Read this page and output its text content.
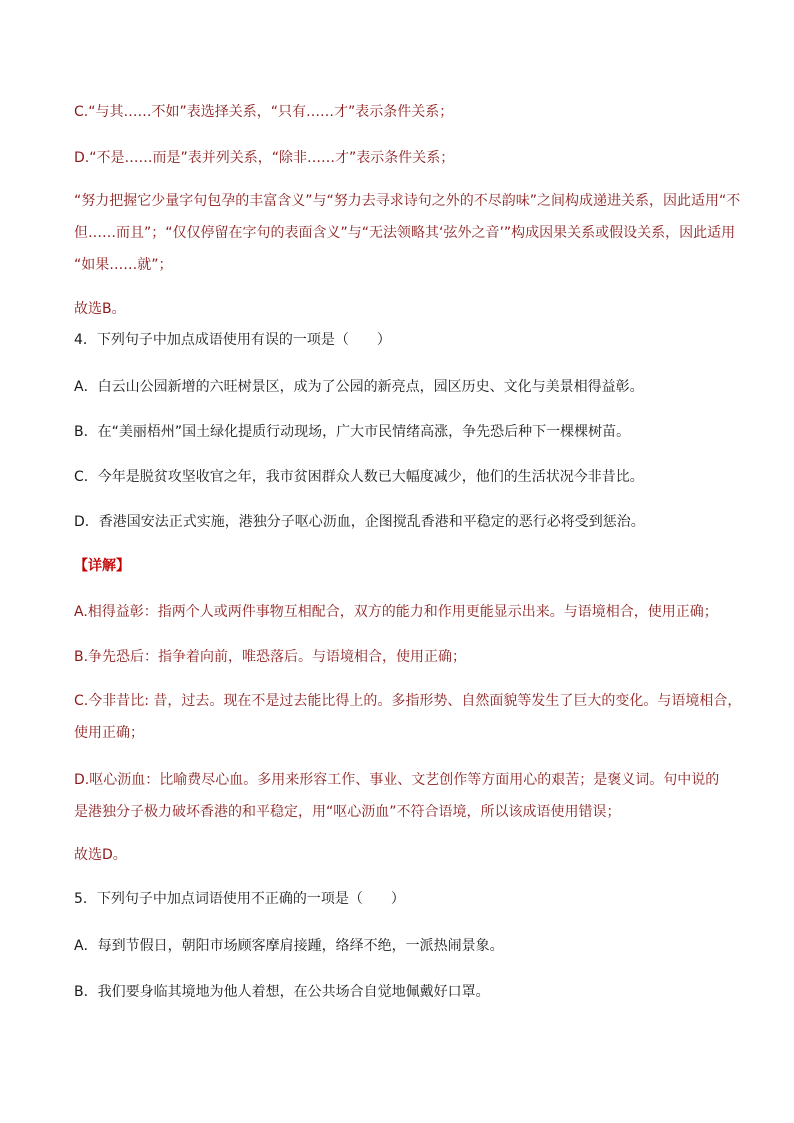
C.“与其……不如”表选择关系，“只有……才”表示条件关系；

D.“不是……而是”表并列关系，“除非……才”表示条件关系；

“努力把握它少量字句包孕的丰富含义”与“努力去寻求诗句之外的不尽韵味”之间构成递进关系，因此适用“不

但……而且”；“仅仅停留在字句的表面含义”与“无法领略其‘弦外之音’”构成因果关系或假设关系，因此适用

“如果……就”；

故选B。

4．下列句子中加点成语使用有误的一项是（　　）

A．白云山公园新增的六旺树景区，成为了公园的新亮点，园区历史、文化与美景相得益彰。

B．在“美丽梧州”国土绿化提质行动现场，广大市民情绪高涨，争先恐后种下一棵棵树苗。

C．今年是脱贫攻坚收官之年，我市贫困群众人数已大幅度减少，他们的生活状况今非昔比。

D．香港国安法正式实施，港独分子呕心沥血，企图搅乱香港和平稳定的恶行必将受到惩治。

【详解】

A.相得益彰：指两个人或两件事物互相配合，双方的能力和作用更能显示出来。与语境相合，使用正确；

B.争先恐后：指争着向前，唯恐落后。与语境相合，使用正确；

C.今非昔比: 昔，过去。现在不是过去能比得上的。多指形势、自然面貌等发生了巨大的变化。与语境相合，

使用正确；

D.呕心沥血：比喻费尽心血。多用来形容工作、事业、文艺创作等方面用心的艰苦；是褒义词。句中说的

是港独分子极力破坏香港的和平稳定，用“呕心沥血”不符合语境，所以该成语使用错误；

故选D。

5．下列句子中加点词语使用不正确的一项是（　　）

A．每到节假日，朝阳市场顾客摩肩接踵，络绎不绝，一派热闹景象。

B．我们要身临其境地为他人着想，在公共场合自觉地佩戴好口罩。
